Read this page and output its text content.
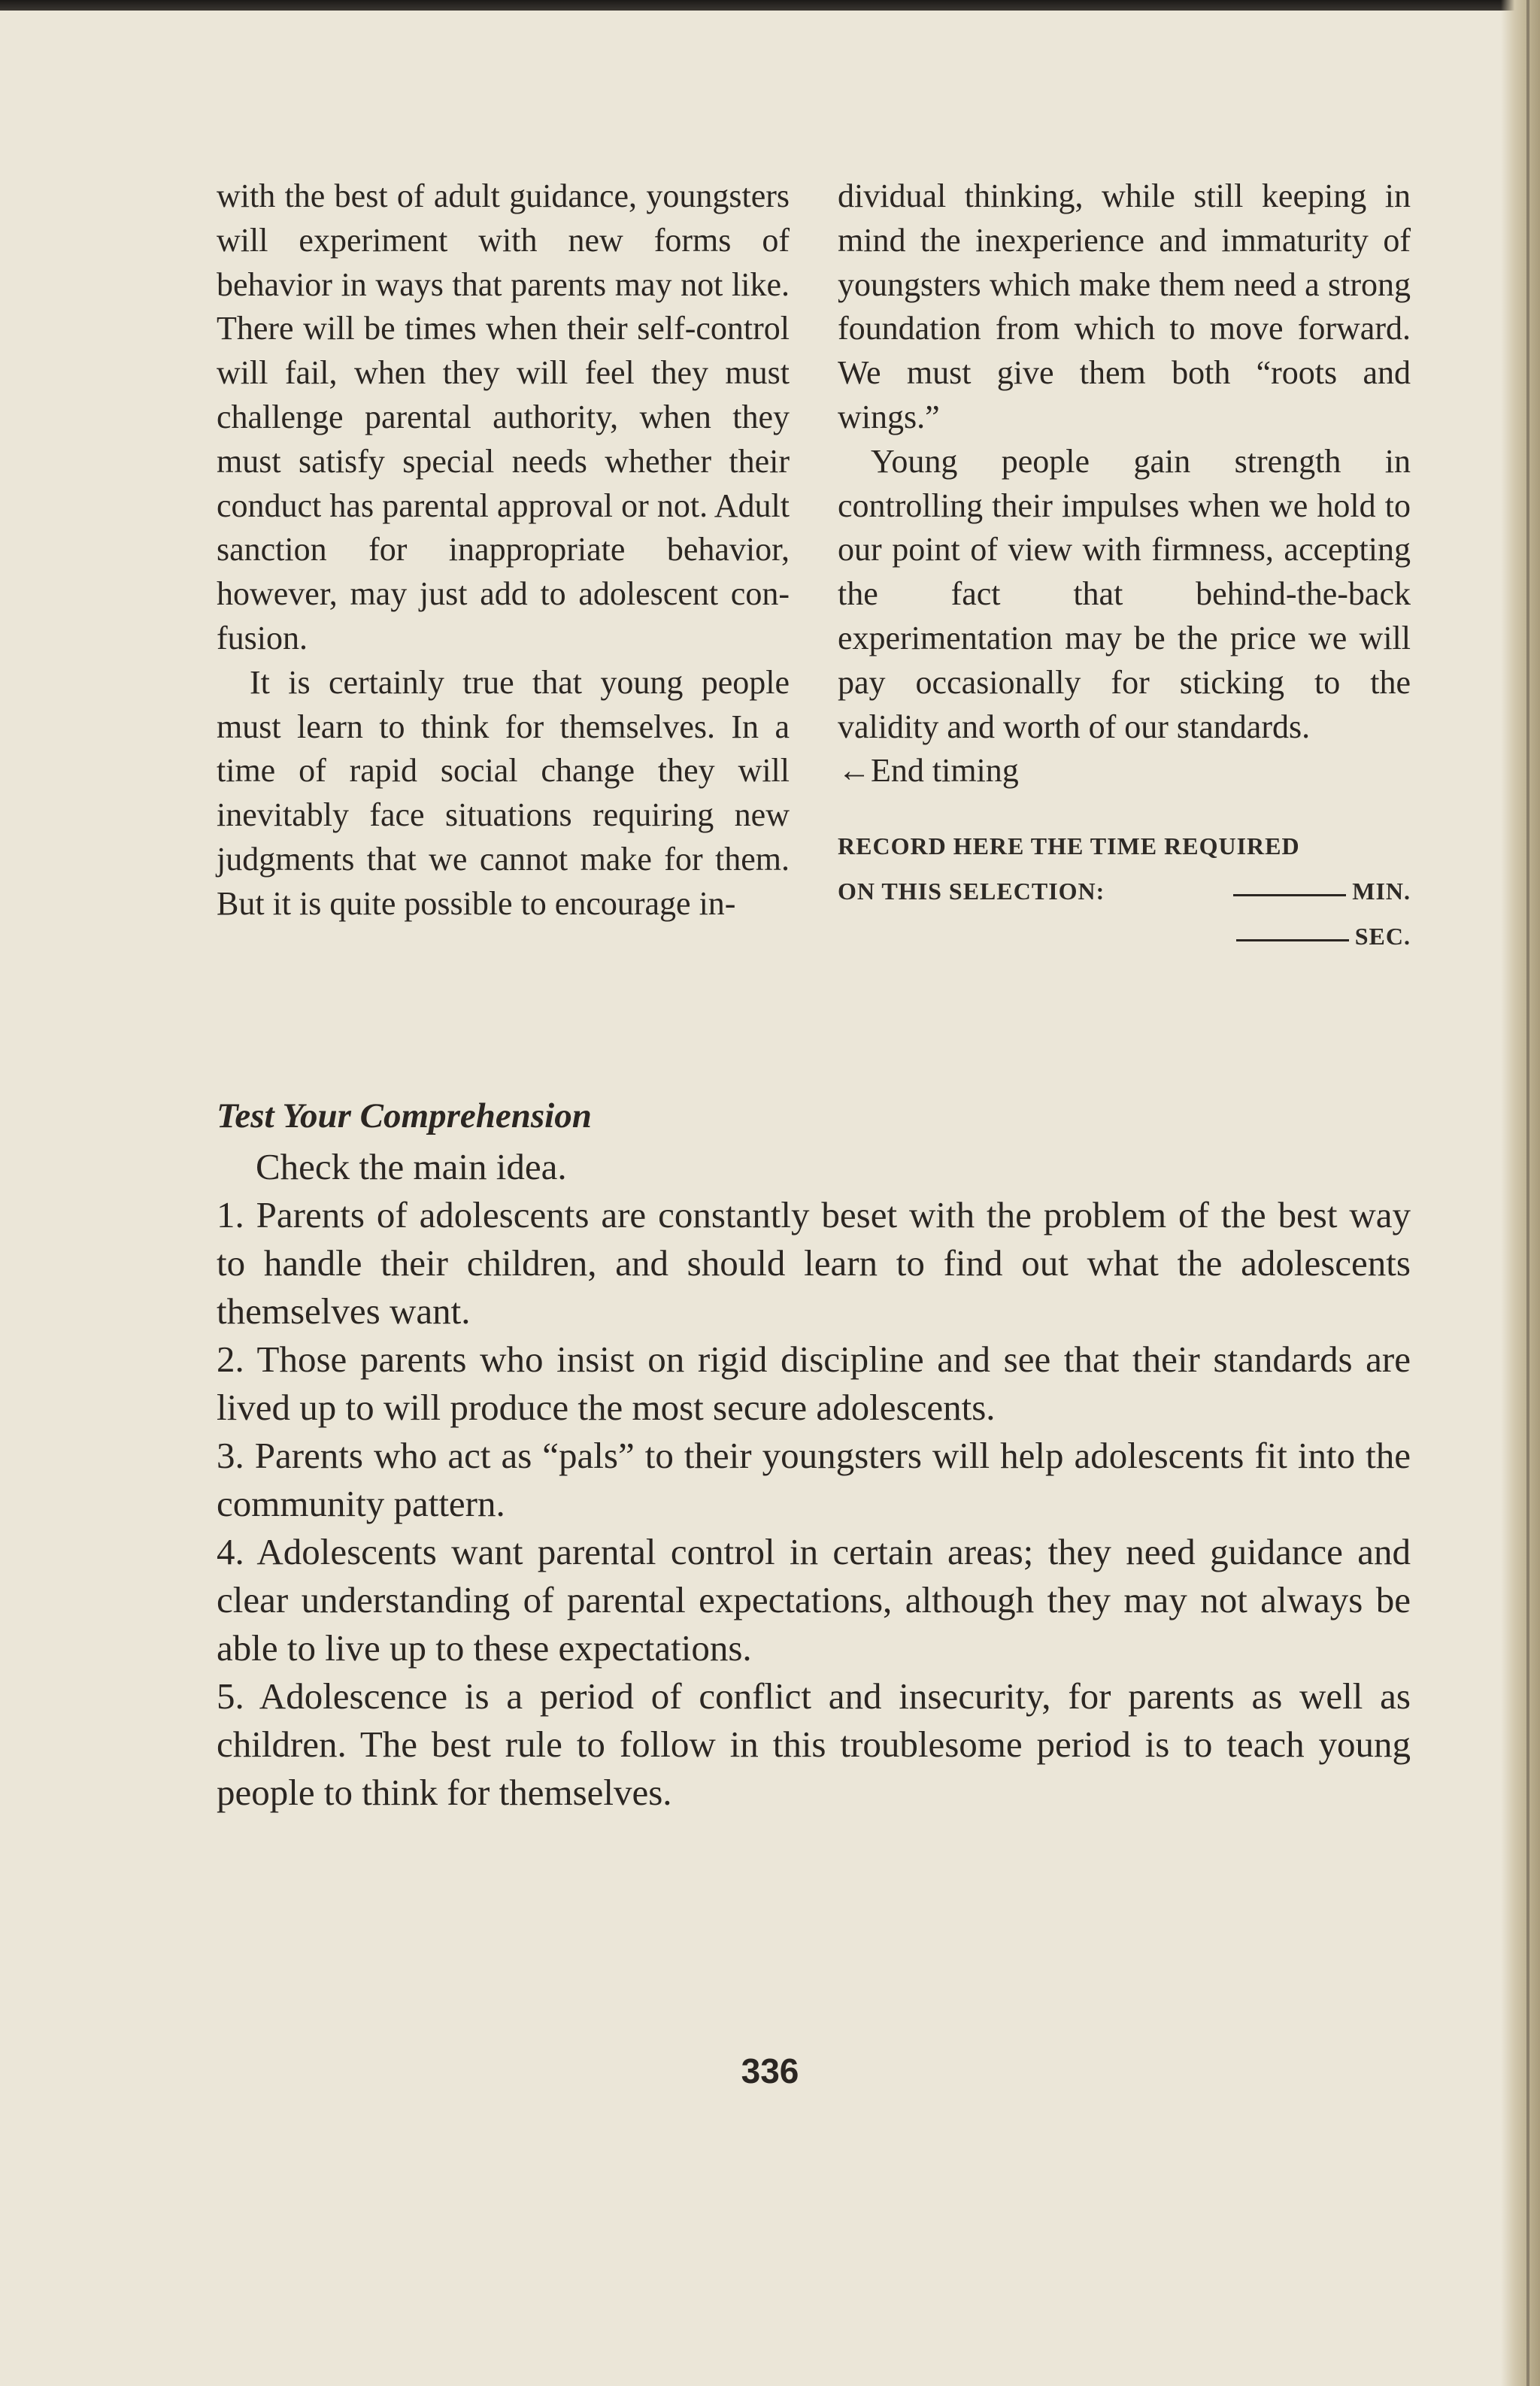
with the best of adult guidance, youngsters will experiment with new forms of behavior in ways that parents may not like. There will be times when their self-control will fail, when they will feel they must challenge parental authority, when they must satisfy special needs whether their conduct has parental approval or not. Adult sanction for inappropriate behavior, however, may just add to adolescent confusion.

It is certainly true that young people must learn to think for themselves. In a time of rapid social change they will inevitably face situations requiring new judgments that we cannot make for them. But it is quite possible to encourage in-

dividual thinking, while still keeping in mind the inexperience and immaturity of youngsters which make them need a strong foundation from which to move forward. We must give them both “roots and wings.”

Young people gain strength in controlling their impulses when we hold to our point of view with firmness, accepting the fact that behind-the-back experimentation may be the price we will pay occasionally for sticking to the validity and worth of our standards.

←End timing

RECORD HERE THE TIME REQUIRED
ON THIS SELECTION:	MIN.
SEC.

Test Your Comprehension

Check the main idea.

1. Parents of adolescents are constantly beset with the problem of the best way to handle their children, and should learn to find out what the adolescents themselves want.

2. Those parents who insist on rigid discipline and see that their standards are lived up to will produce the most secure adolescents.

3. Parents who act as “pals” to their youngsters will help adolescents fit into the community pattern.

4. Adolescents want parental control in certain areas; they need guidance and clear understanding of parental expectations, although they may not always be able to live up to these expectations.

5. Adolescence is a period of conflict and insecurity, for parents as well as children. The best rule to follow in this troublesome period is to teach young people to think for themselves.

336
